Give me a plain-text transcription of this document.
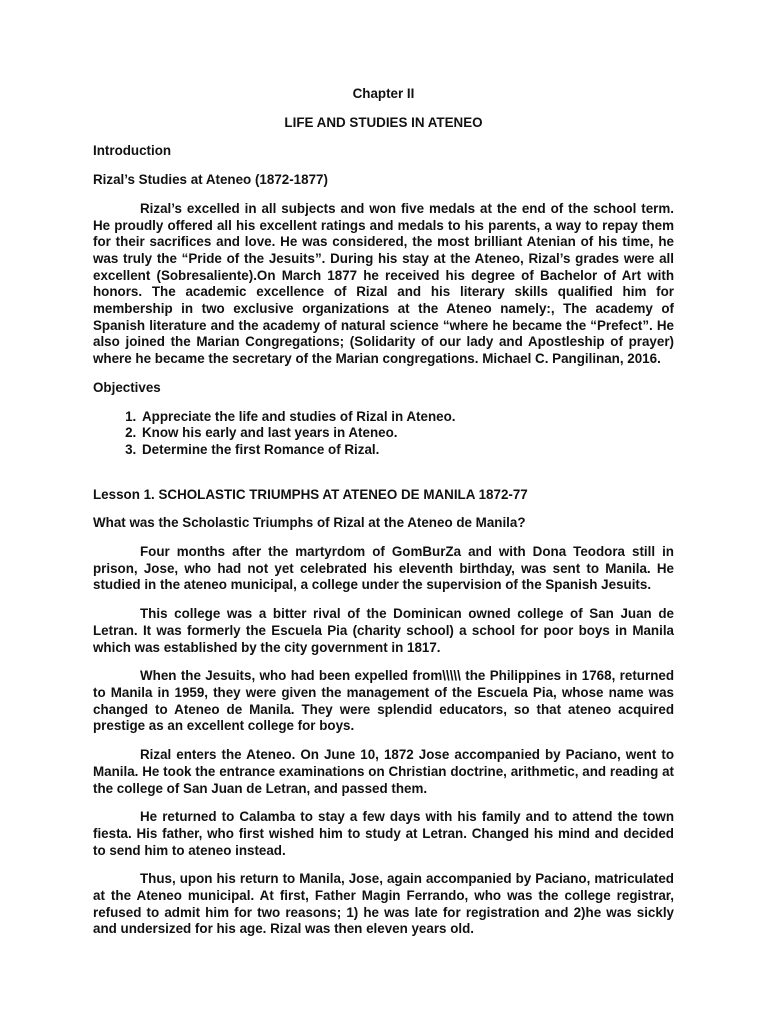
Chapter II

LIFE AND STUDIES IN ATENEO

Introduction

Rizal’s Studies at Ateneo (1872-1877)

Rizal’s excelled in all subjects and won five medals at the end of the school term. He proudly offered all his excellent ratings and medals to his parents, a way to repay them for their sacrifices and love. He was considered, the most brilliant Atenian of his time, he was truly the “Pride of the Jesuits”. During his stay at the Ateneo, Rizal’s grades were all excellent (Sobresaliente).On March 1877 he received his degree of Bachelor of Art with honors. The academic excellence of Rizal and his literary skills qualified him for membership in two exclusive organizations at the Ateneo namely:, The academy of Spanish literature and the academy of natural science “where he became the “Prefect”. He also joined the Marian Congregations; (Solidarity of our lady and Apostleship of prayer) where he became the secretary of the Marian congregations. Michael C. Pangilinan, 2016.

Objectives

1. Appreciate the life and studies of Rizal in Ateneo.
2. Know his early and last years in Ateneo.
3. Determine the first Romance of Rizal.

Lesson 1. SCHOLASTIC TRIUMPHS AT ATENEO DE MANILA 1872-77

What was the Scholastic Triumphs of Rizal at the Ateneo de Manila?

Four months after the martyrdom of GomBurZa and with Dona Teodora still in prison, Jose, who had not yet celebrated his eleventh birthday, was sent to Manila. He studied in the ateneo municipal, a college under the supervision of the Spanish Jesuits.

This college was a bitter rival of the Dominican owned college of San Juan de Letran. It was formerly the Escuela Pia (charity school) a school for poor boys in Manila which was established by the city government in 1817.

When the Jesuits, who had been expelled from\\\\\ the Philippines in 1768, returned to Manila in 1959, they were given the management of the Escuela Pia, whose name was changed to Ateneo de Manila. They were splendid educators, so that ateneo acquired prestige as an excellent college for boys.

Rizal enters the Ateneo. On June 10, 1872 Jose accompanied by Paciano, went to Manila. He took the entrance examinations on Christian doctrine, arithmetic, and reading at the college of San Juan de Letran, and passed them.

He returned to Calamba to stay a few days with his family and to attend the town fiesta. His father, who first wished him to study at Letran. Changed his mind and decided to send him to ateneo instead.

Thus, upon his return to Manila, Jose, again accompanied by Paciano, matriculated at the Ateneo municipal. At first, Father Magin Ferrando, who was the college registrar, refused to admit him for two reasons; 1) he was late for registration and 2)he was sickly and undersized for his age. Rizal was then eleven years old.
